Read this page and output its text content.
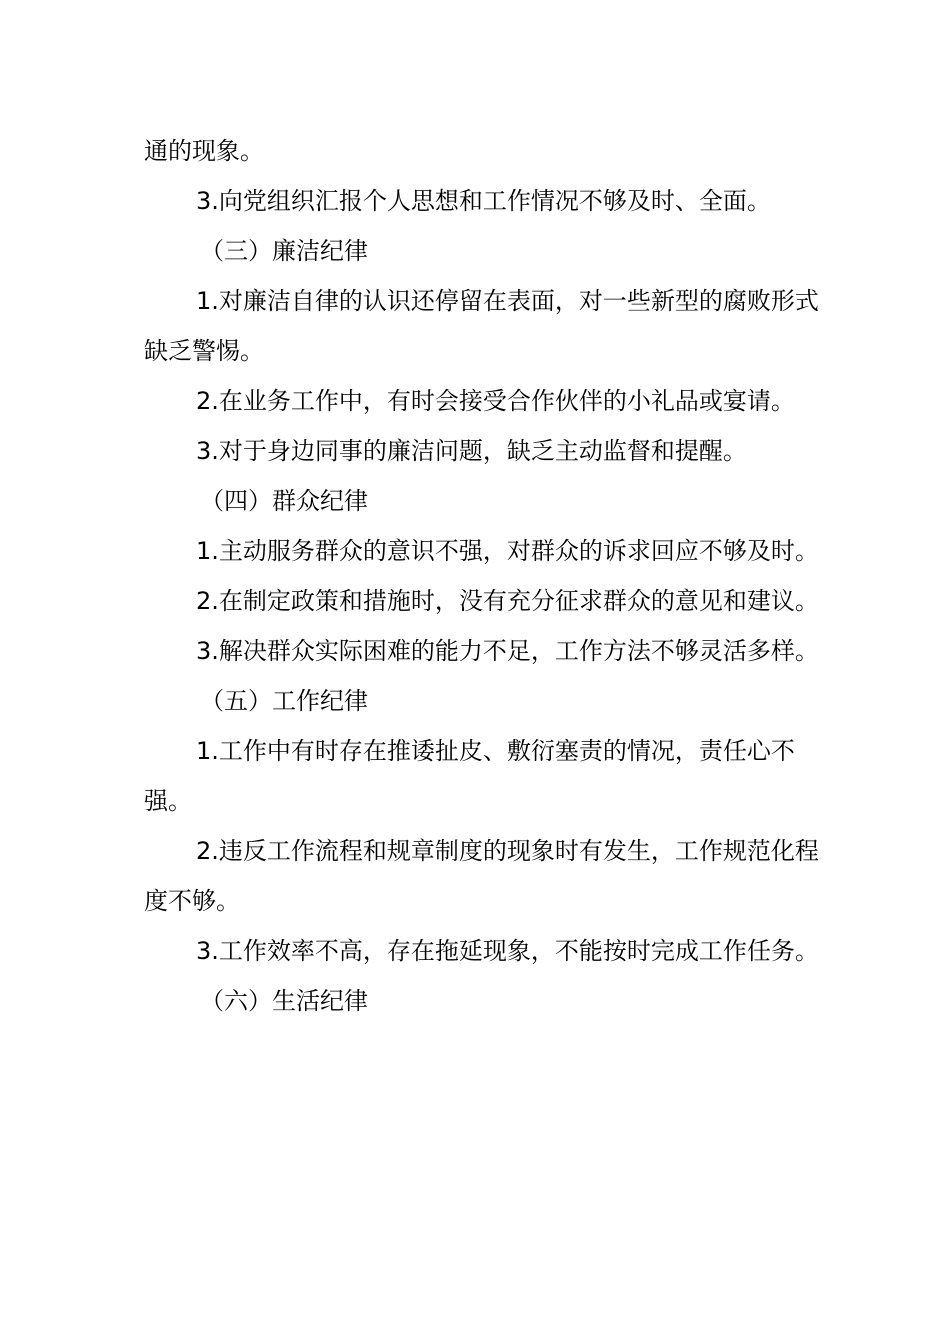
通的现象。

3.向党组织汇报个人思想和工作情况不够及时、全面。

（三）廉洁纪律

1.对廉洁自律的认识还停留在表面，对一些新型的腐败形式缺乏警惕。

2.在业务工作中，有时会接受合作伙伴的小礼品或宴请。

3.对于身边同事的廉洁问题，缺乏主动监督和提醒。

（四）群众纪律

1.主动服务群众的意识不强，对群众的诉求回应不够及时。

2.在制定政策和措施时，没有充分征求群众的意见和建议。

3.解决群众实际困难的能力不足，工作方法不够灵活多样。

（五）工作纪律

1.工作中有时存在推诿扯皮、敷衍塞责的情况，责任心不强。

2.违反工作流程和规章制度的现象时有发生，工作规范化程度不够。

3.工作效率不高，存在拖延现象，不能按时完成工作任务。

（六）生活纪律
